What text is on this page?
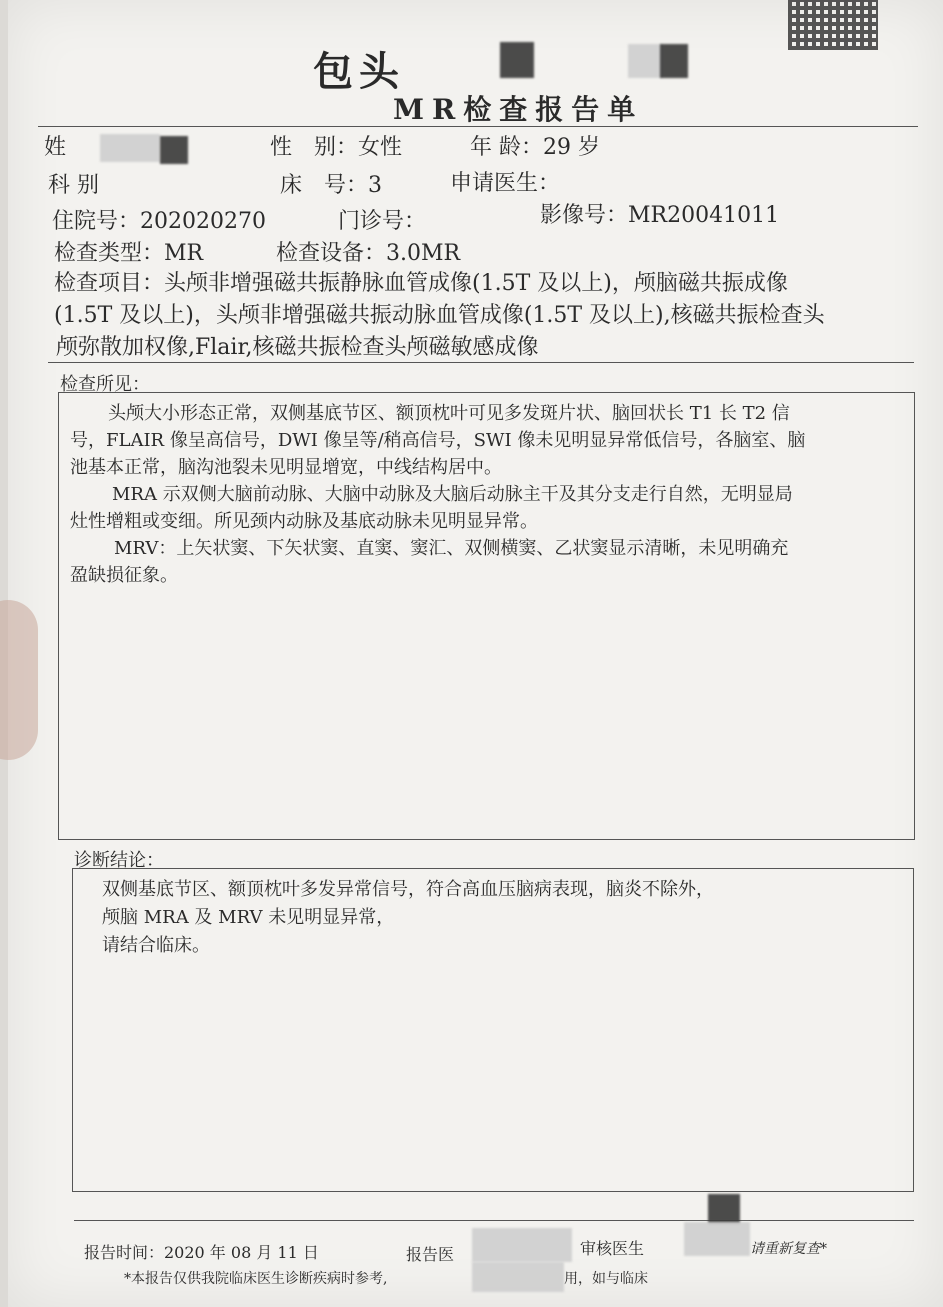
包头
MR检查报告单
姓	性　别：女性	年 龄：29 岁
科 别	床　号：3	申请医生：
住院号：202020270	门诊号：	影像号：MR20041011
检查类型：MR	检查设备：3.0MR
检查项目：头颅非增强磁共振静脉血管成像(1.5T 及以上)，颅脑磁共振成像
(1.5T 及以上)，头颅非增强磁共振动脉血管成像(1.5T 及以上),核磁共振检查头
颅弥散加权像,Flair,核磁共振检查头颅磁敏感成像
检查所见：
头颅大小形态正常，双侧基底节区、额顶枕叶可见多发斑片状、脑回状长 T1 长 T2 信
号，FLAIR 像呈高信号，DWI 像呈等/稍高信号，SWI 像未见明显异常低信号，各脑室、脑
池基本正常，脑沟池裂未见明显增宽，中线结构居中。
MRA 示双侧大脑前动脉、大脑中动脉及大脑后动脉主干及其分支走行自然，无明显局
灶性增粗或变细。所见颈内动脉及基底动脉未见明显异常。
MRV：上矢状窦、下矢状窦、直窦、窦汇、双侧横窦、乙状窦显示清晰，未见明确充
盈缺损征象。
诊断结论：
双侧基底节区、额顶枕叶多发异常信号，符合高血压脑病表现，脑炎不除外，
颅脑 MRA 及 MRV 未见明显异常，
请结合临床。
报告时间：2020 年 08 月 11 日	报告医	审核医生	请重新复查*
*本报告仅供我院临床医生诊断疾病时参考,	用，如与临床
